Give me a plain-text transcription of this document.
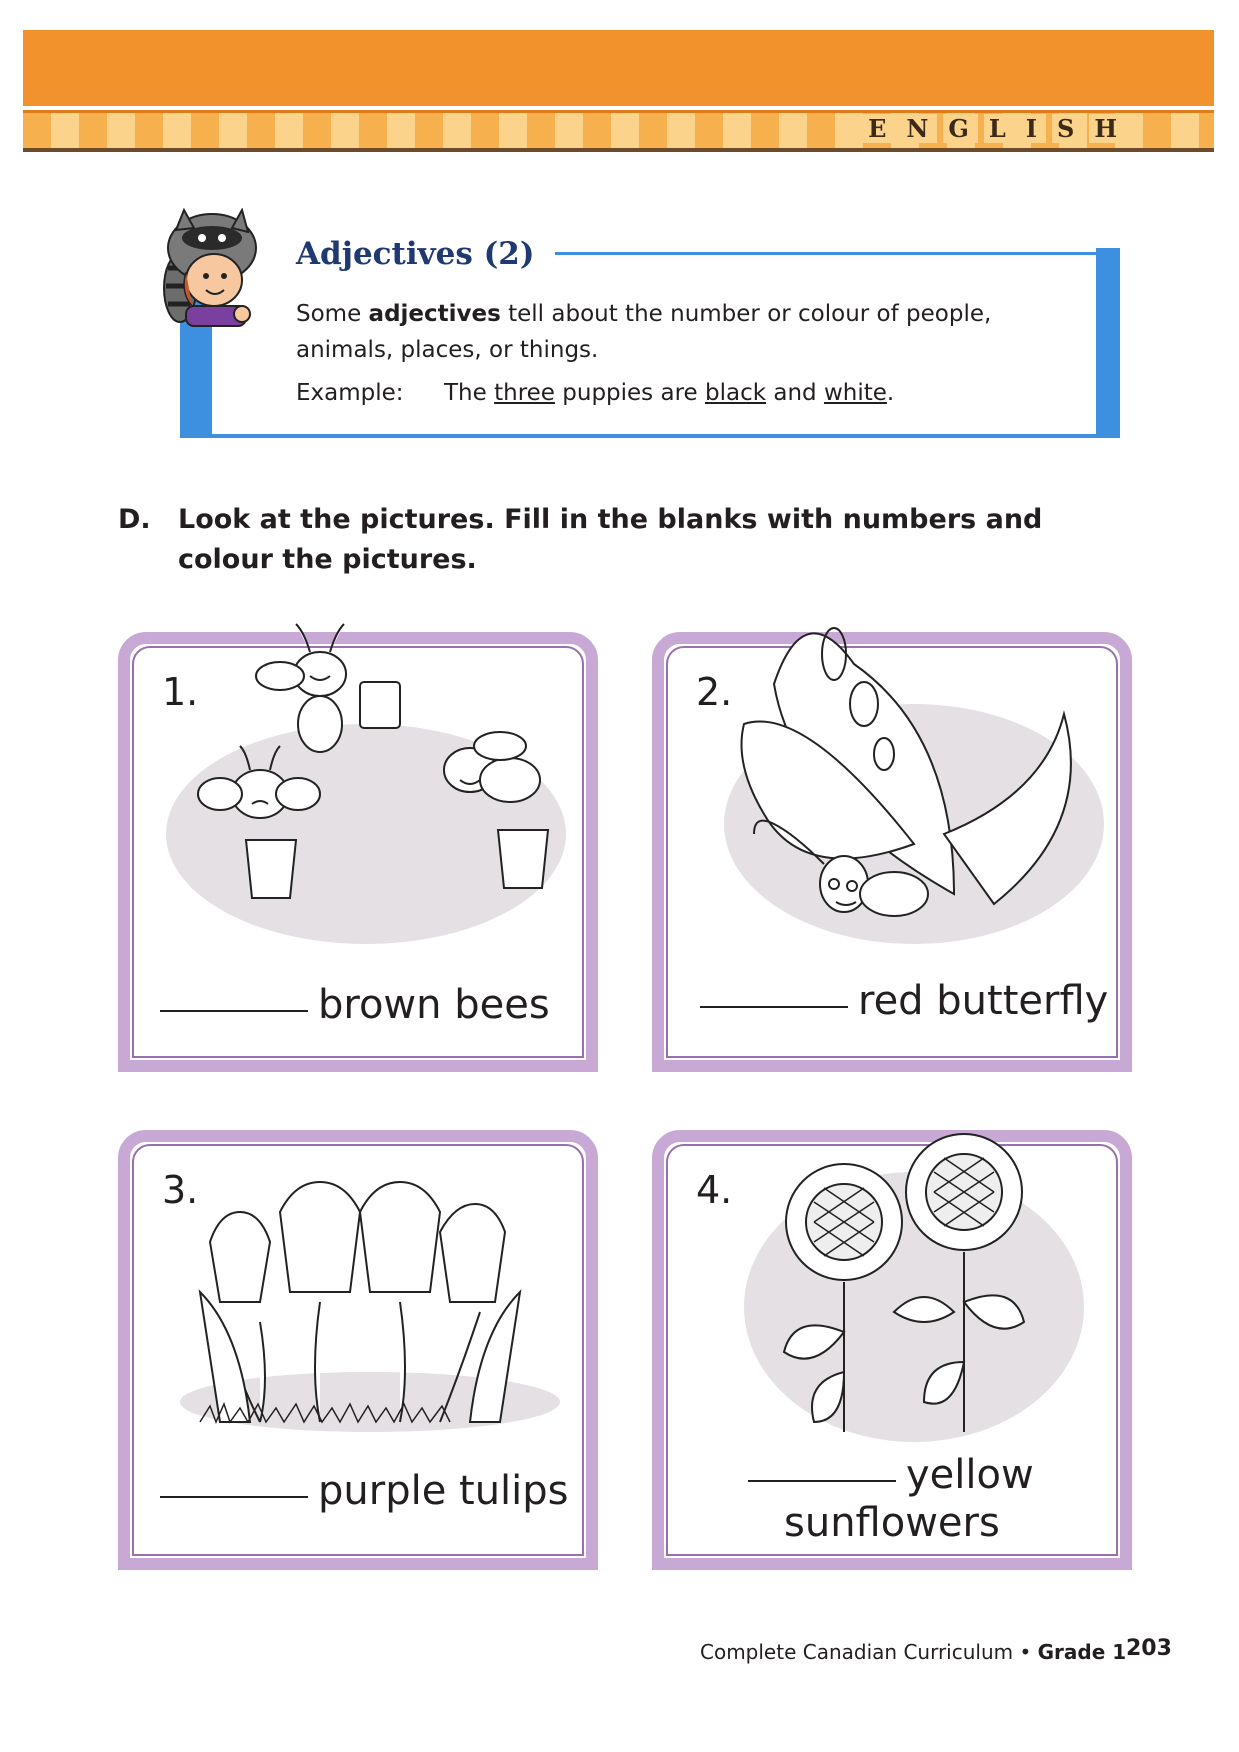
E N G L I S H
Adjectives (2)
Some adjectives tell about the number or colour of people, animals, places, or things.
Example: The three puppies are black and white.
D. Look at the pictures. Fill in the blanks with numbers and colour the pictures.
1.
brown bees
2.
red butterfly
3.
purple tulips
4.
yellow
sunflowers
Complete Canadian Curriculum • Grade 1 203
